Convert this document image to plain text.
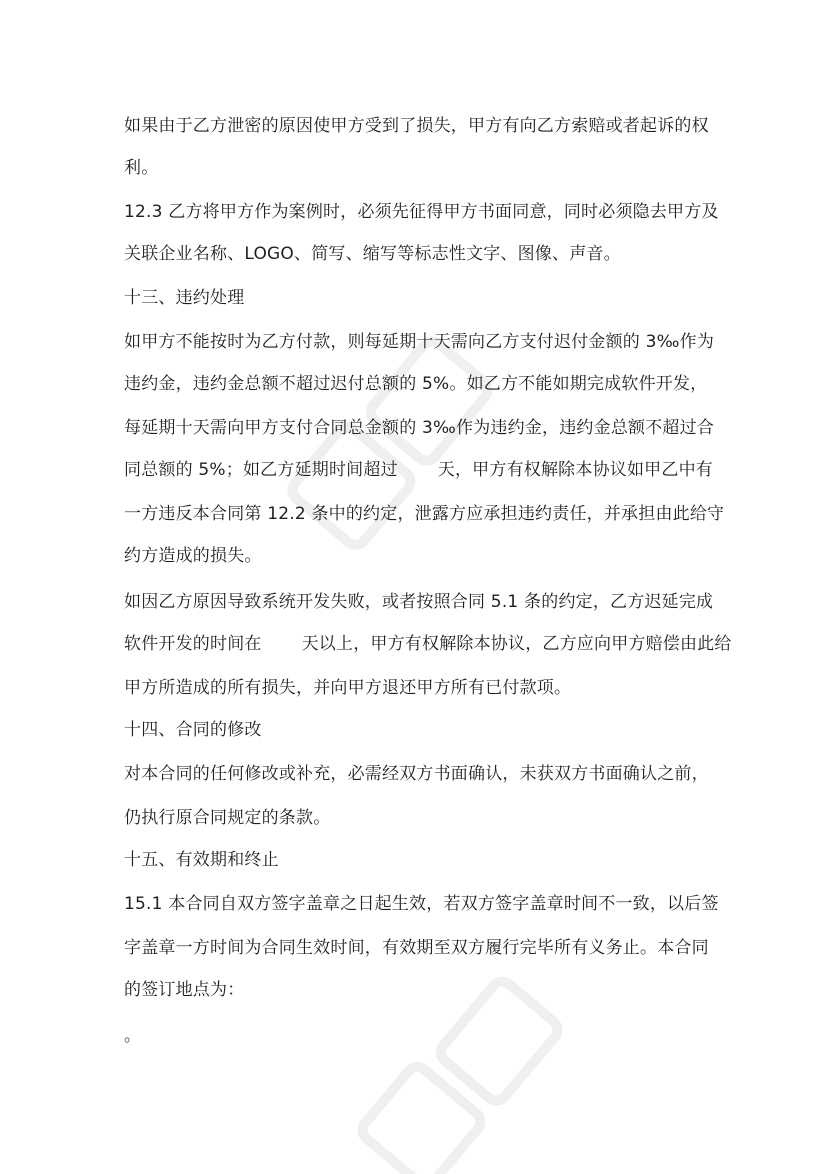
如果由于乙方泄密的原因使甲方受到了损失，甲方有向乙方索赔或者起诉的权
利。
12.3 乙方将甲方作为案例时，必须先征得甲方书面同意，同时必须隐去甲方及
关联企业名称、LOGO、简写、缩写等标志性文字、图像、声音。
十三、违约处理
如甲方不能按时为乙方付款，则每延期十天需向乙方支付迟付金额的 3‰作为
违约金，违约金总额不超过迟付总额的 5%。如乙方不能如期完成软件开发，
每延期十天需向甲方支付合同总金额的 3‰作为违约金，违约金总额不超过合
同总额的 5%；如乙方延期时间超过 　　天，甲方有权解除本协议如甲乙中有
一方违反本合同第 12.2 条中的约定，泄露方应承担违约责任，并承担由此给守
约方造成的损失。
如因乙方原因导致系统开发失败，或者按照合同 5.1 条的约定，乙方迟延完成
软件开发的时间在 　　天以上，甲方有权解除本协议，乙方应向甲方赔偿由此给
甲方所造成的所有损失，并向甲方退还甲方所有已付款项。
十四、合同的修改
对本合同的任何修改或补充，必需经双方书面确认，未获双方书面确认之前，
仍执行原合同规定的条款。
十五、有效期和终止
15.1 本合同自双方签字盖章之日起生效，若双方签字盖章时间不一致，以后签
字盖章一方时间为合同生效时间，有效期至双方履行完毕所有义务止。本合同
的签订地点为：
。
